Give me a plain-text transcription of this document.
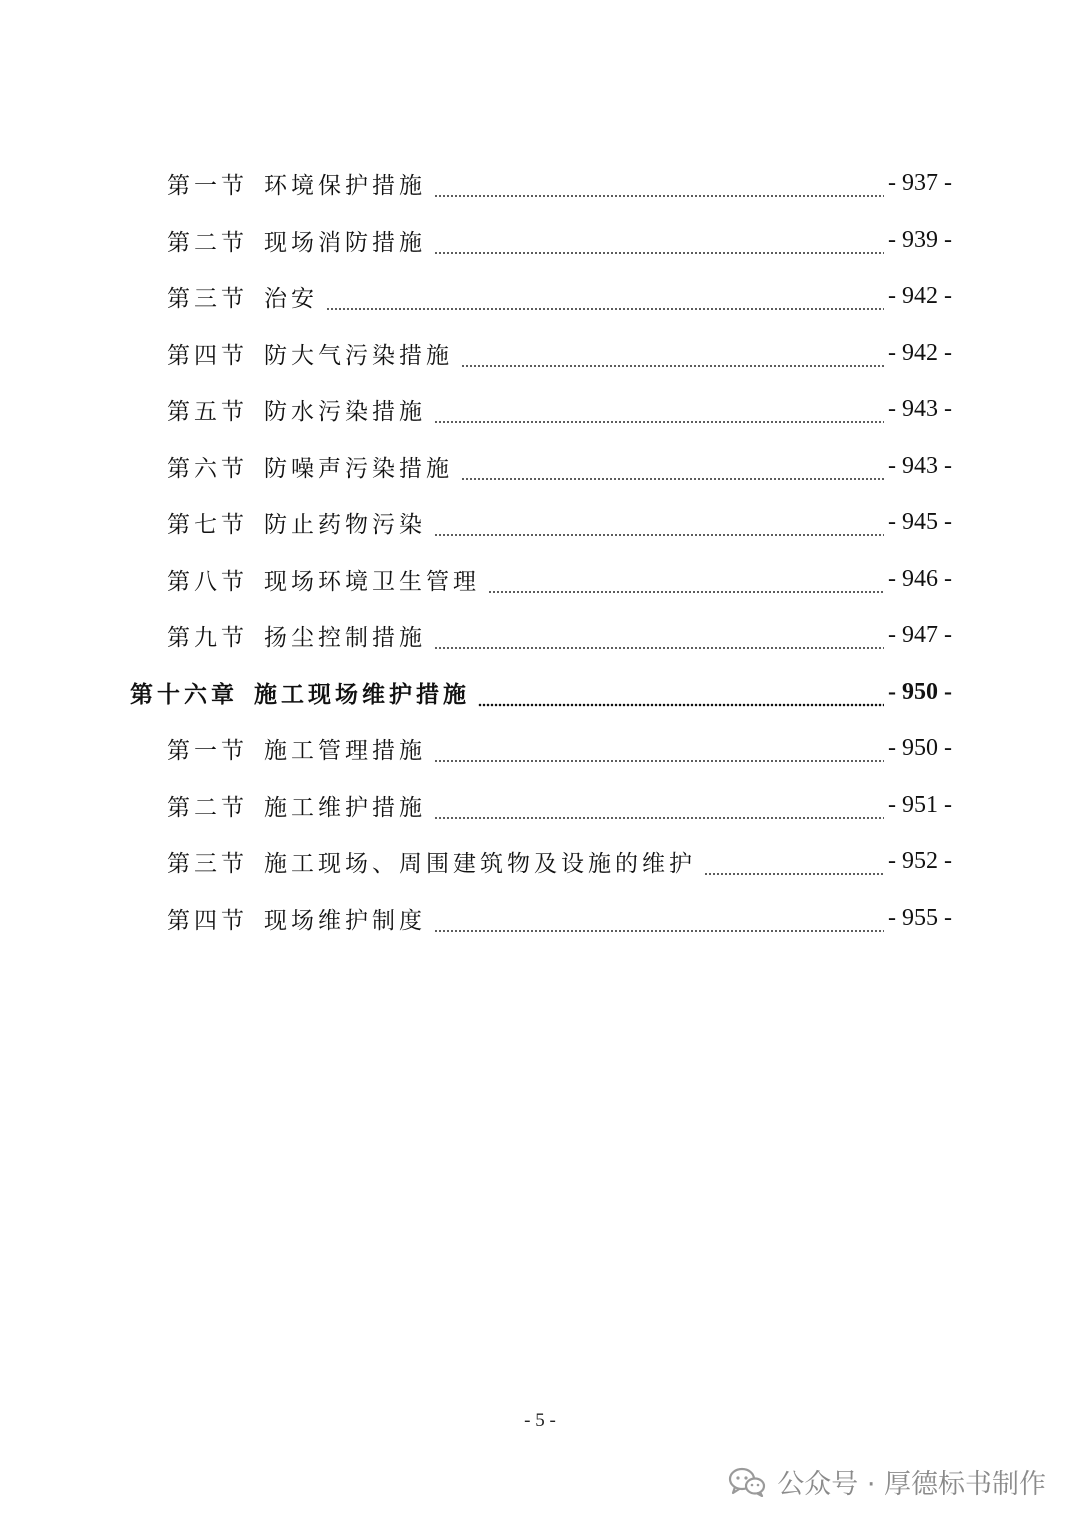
第一节 环境保护措施	- 937 -
第二节 现场消防措施	- 939 -
第三节 治安	- 942 -
第四节 防大气污染措施	- 942 -
第五节 防水污染措施	- 943 -
第六节 防噪声污染措施	- 943 -
第七节 防止药物污染	- 945 -
第八节 现场环境卫生管理	- 946 -
第九节 扬尘控制措施	- 947 -
第十六章 施工现场维护措施	- 950 -
第一节 施工管理措施	- 950 -
第二节 施工维护措施	- 951 -
第三节 施工现场、周围建筑物及设施的维护	- 952 -
第四节 现场维护制度	- 955 -
- 5 -
公众号 · 厚德标书制作
